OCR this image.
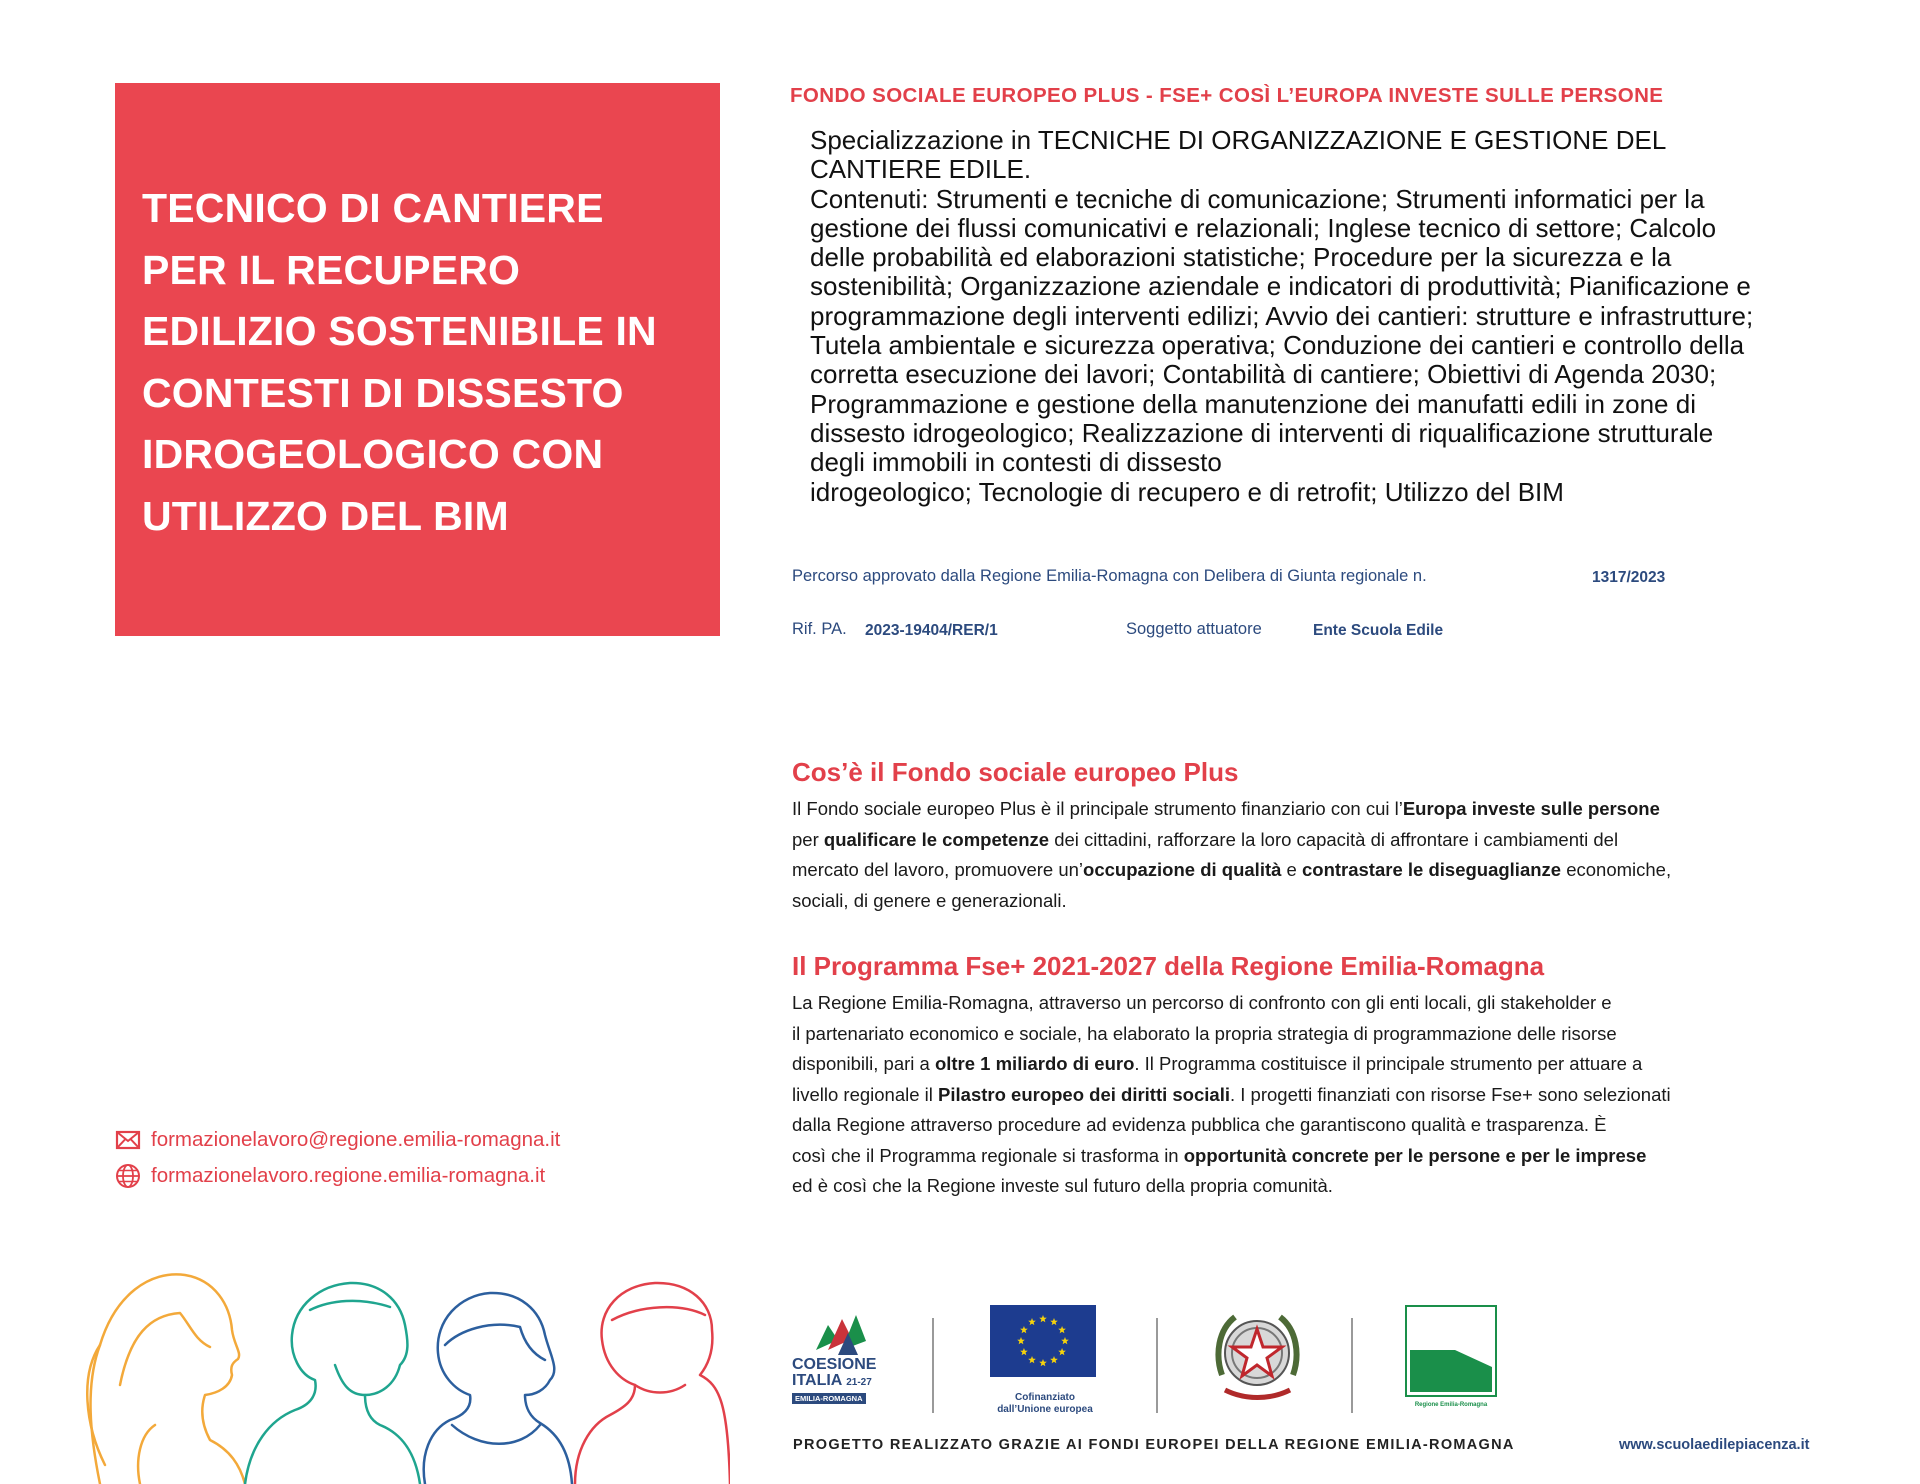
TECNICO DI CANTIERE
PER IL RECUPERO
EDILIZIO SOSTENIBILE IN
CONTESTI DI DISSESTO
IDROGEOLOGICO CON
UTILIZZO DEL BIM
FONDO SOCIALE EUROPEO PLUS - FSE+ COSÌ L’EUROPA INVESTE SULLE PERSONE
Specializzazione in TECNICHE DI ORGANIZZAZIONE E GESTIONE DEL
CANTIERE EDILE.
Contenuti: Strumenti e tecniche di comunicazione; Strumenti informatici per la
gestione dei flussi comunicativi e relazionali; Inglese tecnico di settore; Calcolo
delle probabilità ed elaborazioni statistiche; Procedure per la sicurezza e la
sostenibilità; Organizzazione aziendale e indicatori di produttività; Pianificazione e
programmazione degli interventi edilizi; Avvio dei cantieri: strutture e infrastrutture;
Tutela ambientale e sicurezza operativa; Conduzione dei cantieri e controllo della
corretta esecuzione dei lavori; Contabilità di cantiere; Obiettivi di Agenda 2030;
Programmazione e gestione della manutenzione dei manufatti edili in zone di
dissesto idrogeologico; Realizzazione di interventi di riqualificazione strutturale
degli immobili in contesti di dissesto
idrogeologico; Tecnologie di recupero e di retrofit; Utilizzo del BIM
Percorso approvato dalla Regione Emilia-Romagna con Delibera di Giunta regionale n.	1317/2023
Rif. PA. 2023-19404/RER/1	Soggetto attuatore	Ente Scuola Edile
Cos’è il Fondo sociale europeo Plus
Il Fondo sociale europeo Plus è il principale strumento finanziario con cui l’Europa investe sulle persone
per qualificare le competenze dei cittadini, rafforzare la loro capacità di affrontare i cambiamenti del
mercato del lavoro, promuovere un’occupazione di qualità e contrastare le diseguaglianze economiche,
sociali, di genere e generazionali.
Il Programma Fse+ 2021-2027 della Regione Emilia-Romagna
La Regione Emilia-Romagna, attraverso un percorso di confronto con gli enti locali, gli stakeholder e
il partenariato economico e sociale, ha elaborato la propria strategia di programmazione delle risorse
disponibili, pari a oltre 1 miliardo di euro. Il Programma costituisce il principale strumento per attuare a
livello regionale il Pilastro europeo dei diritti sociali. I progetti finanziati con risorse Fse+ sono selezionati
dalla Regione attraverso procedure ad evidenza pubblica che garantiscono qualità e trasparenza. È
così che il Programma regionale si trasforma in opportunità concrete per le persone e per le imprese
ed è così che la Regione investe sul futuro della propria comunità.
formazionelavoro@regione.emilia-romagna.it
formazionelavoro.regione.emilia-romagna.it
COESIONE
ITALIA 21-27
EMILIA-ROMAGNA	Cofinanziato
dall’Unione europea	Regione Emilia-Romagna
PROGETTO REALIZZATO GRAZIE AI FONDI EUROPEI DELLA REGIONE EMILIA-ROMAGNA	www.scuolaedilepiacenza.it
